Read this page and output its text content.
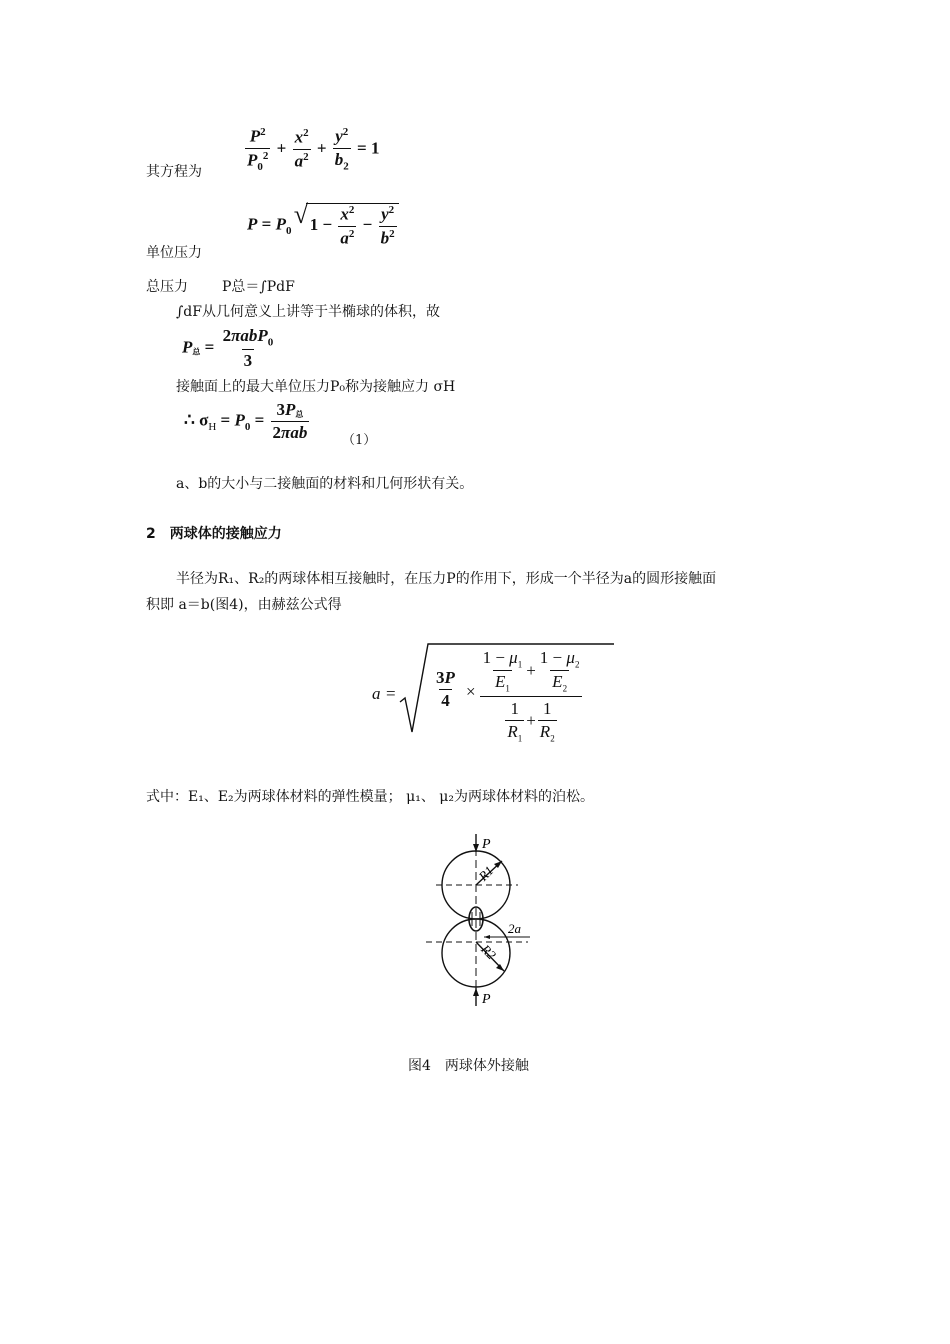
$\frac{P^2}{P_0^2} + \frac{x^2}{a^2} + \frac{y^2}{b_2} = 1$
其方程为
$P = P_0$
√ $1 - \frac{x^2}{a^2} - \frac{y^2}{b^2}$
单位压力
总压力 P总＝∫PdF
∫dF从几何意义上讲等于半椭球的体积，故
P总 = $\frac{2\pi abP_0}{3}$
接触面上的最大单位压力P₀称为接触应力 σH
∴ $\sigma_H = P_0 = \frac{\text{3P总}}{\text{2πab}}$	（1）
a、b的大小与二接触面的材料和几何形状有关。
2　两球体的接触应力
半径为R₁、R₂的两球体相互接触时，在压力P的作用下，形成一个半径为a的圆形接触面
积即 a＝b(图4)，由赫兹公式得
$a = \frac{3P}{4} \times \frac{1 - \mu_1}{E_1} + \frac{1 - \mu_2}{E_2}$
$\frac{1}{R_1} + \frac{1}{R_2}$
式中：E₁、E₂为两球体材料的弹性模量； μ₁、 μ₂为两球体材料的泊松。
P
P
R1
R2
2a
图4　两球体外接触
